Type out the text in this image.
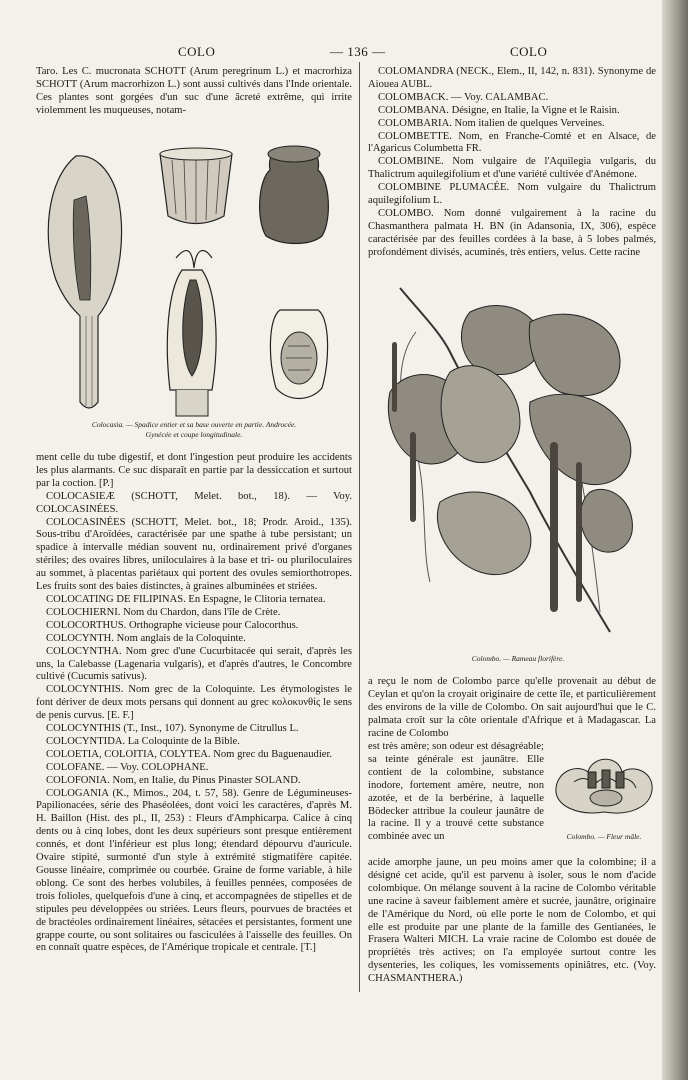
COLO	— 136 —	COLO

Taro. Les C. mucronata SCHOTT (Arum peregrinum L.) et macrorhiza SCHOTT (Arum macrorhizon L.) sont aussi cultivés dans l'Inde orientale. Ces plantes sont gorgées d'un suc d'une âcreté extrême, qui irrite violemment les muqueuses, notam-

Colocasia. — Spadice entier et sa base ouverte en partie. Androcée.
Gynécée et coupe longitudinale.

ment celle du tube digestif, et dont l'ingestion peut produire les accidents les plus alarmants. Ce suc disparaît en partie par la dessiccation et surtout par la coction. [P.]

COLOCASIEÆ (SCHOTT, Melet. bot., 18). — Voy. COLOCASINÉES.

COLOCASINÉES (SCHOTT, Melet. bot., 18; Prodr. Aroid., 135). Sous-tribu d'Aroïdées, caractérisée par une spathe à tube persistant; un spadice à intervalle médian souvent nu, ordinairement privé d'organes stériles; des ovaires libres, uniloculaires à la base et tri- ou pluriloculaires au sommet, à placentas pariétaux qui portent des ovules semiorthotropes. Les fruits sont des baies distinctes, à graines albuminées et striées.

COLOCATING DE FILIPINAS. En Espagne, le Clitoria ternatea.

COLOCHIERNI. Nom du Chardon, dans l'île de Crète.

COLOCORTHUS. Orthographe vicieuse pour Calocorthus.

COLOCYNTH. Nom anglais de la Coloquinte.

COLOCYNTHA. Nom grec d'une Cucurbitacée qui serait, d'après les uns, la Calebasse (Lagenaria vulgaris), et d'après d'autres, le Concombre cultivé (Cucumis sativus).

COLOCYNTHIS. Nom grec de la Coloquinte. Les étymologistes le font dériver de deux mots persans qui donnent au grec κολοκυνθίς le sens de penis curvus. [E. F.]

COLOCYNTHIS (T., Inst., 107). Synonyme de Citrullus L.

COLOCYNTIDA. La Coloquinte de la Bible.

COLOETIA, COLOITIA, COLYTEA. Nom grec du Baguenaudier.

COLOFANE. — Voy. COLOPHANE.

COLOFONIA. Nom, en Italie, du Pinus Pinaster SOLAND.

COLOGANIA (K., Mimos., 204, t. 57, 58). Genre de Légumineuses-Papilionacées, série des Phaséolées, dont voici les caractères, d'après M. H. Baillon (Hist. des pl., II, 253) : Fleurs d'Amphicarpa. Calice à cinq dents ou à cinq lobes, dont les deux supérieurs sont presque entièrement connés, et dont l'inférieur est plus long; étendard dépourvu d'auricule. Ovaire stipité, surmonté d'un style à extrémité stigmatifère capitée. Gousse linéaire, comprimée ou courbée. Graine de forme variable, à hile oblong. Ce sont des herbes volubiles, à feuilles pennées, composées de trois folioles, quelquefois d'une à cinq, et accompagnées de stipelles et de stipules peu développées ou striées. Leurs fleurs, pourvues de bractées et de bractéoles ordinairement linéaires, sétacées et persistantes, forment une grappe courte, ou sont solitaires ou fasciculées à l'aisselle des feuilles. On en connaît quatre espèces, de l'Amérique tropicale et centrale. [T.]

COLOMANDRA (NECK., Elem., II, 142, n. 831). Synonyme de Aiouea AUBL.

COLOMBACK. — Voy. CALAMBAC.

COLOMBANA. Désigne, en Italie, la Vigne et le Raisin.

COLOMBARIA. Nom italien de quelques Verveines.

COLOMBETTE. Nom, en Franche-Comté et en Alsace, de l'Agaricus Columbetta FR.

COLOMBINE. Nom vulgaire de l'Aquilegia vulgaris, du Thalictrum aquilegifolium et d'une variété cultivée d'Anémone.

COLOMBINE PLUMACÉE. Nom vulgaire du Thalictrum aquilegifolium L.

COLOMBO. Nom donné vulgairement à la racine du Chasmanthera palmata H. BN (in Adansonia, IX, 306), espèce caractérisée par des feuilles cordées à la base, à 5 lobes palmés, profondément divisés, acuminés, très entiers, velus. Cette racine

Colombo. — Rameau florifère.

a reçu le nom de Colombo parce qu'elle provenait au début de Ceylan et qu'on la croyait originaire de cette île, et particulièrement des environs de la ville de Colombo. On sait aujourd'hui que le C. palmata croît sur la côte orientale d'Afrique et à Madagascar. La racine de Colombo

est très amère; son odeur est désagréable; sa teinte générale est jaunâtre. Elle contient de la colombine, substance inodore, fortement amère, neutre, non azotée, et de la berbérine, à laquelle Bödecker attribue la couleur jaunâtre de la racine. Il y a trouvé cette substance combinée avec un	Colombo. — Fleur mâle.

acide amorphe jaune, un peu moins amer que la colombine; il a désigné cet acide, qu'il est parvenu à isoler, sous le nom d'acide colombique. On mélange souvent à la racine de Colombo véritable une racine à saveur faiblement amère et sucrée, jaunâtre, originaire de l'Amérique du Nord, où elle porte le nom de Colombo, et qui elle est produite par une plante de la famille des Gentianées, le Frasera Walteri MICH. La vraie racine de Colombo est douée de propriétés très actives; on l'a employée surtout contre les dysenteries, les coliques, les vomissements opiniâtres, etc. (Voy. CHASMANTHERA.)
